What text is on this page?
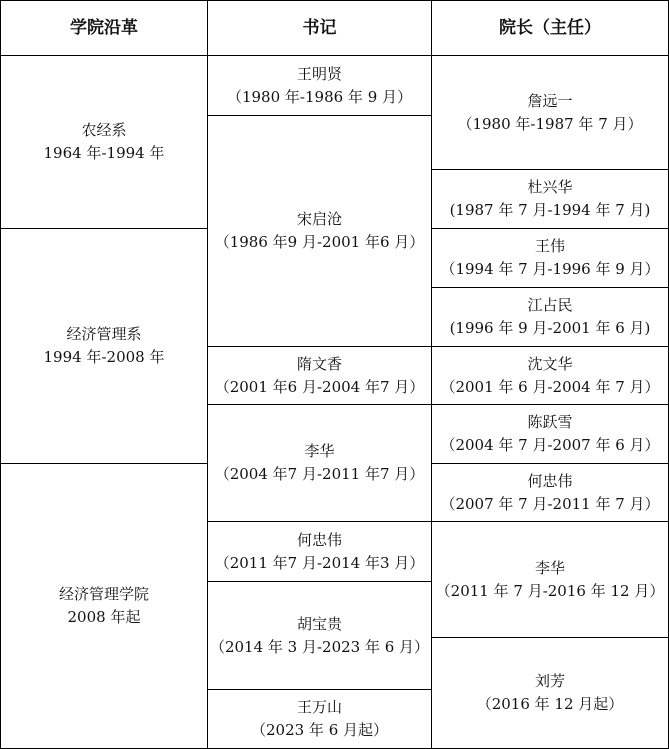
学院沿革	书记	院长（主任）
农经系
1964 年-1994 年
经济管理系
1994 年-2008 年
经济管理学院
2008 年起
王明贤
（1980 年-1986 年 9 月）
宋启沧
（1986 年9 月-2001 年6 月）
隋文香
（2001 年6 月-2004 年7 月）
李华
（2004 年7 月-2011 年7 月）
何忠伟
（2011 年7 月-2014 年3 月）
胡宝贵
（2014 年 3 月-2023 年 6 月）
王万山
（2023 年 6 月起）
詹远一
（1980 年-1987 年 7 月）
杜兴华
(1987 年 7 月-1994 年 7 月)
王伟
（1994 年 7 月-1996 年 9 月）
江占民
(1996 年 9 月-2001 年 6 月)
沈文华
（2001 年 6 月-2004 年 7 月）
陈跃雪
（2004 年 7 月-2007 年 6 月）
何忠伟
（2007 年 7 月-2011 年 7 月）
李华
（2011 年 7 月-2016 年 12 月）
刘芳
（2016 年 12 月起）
